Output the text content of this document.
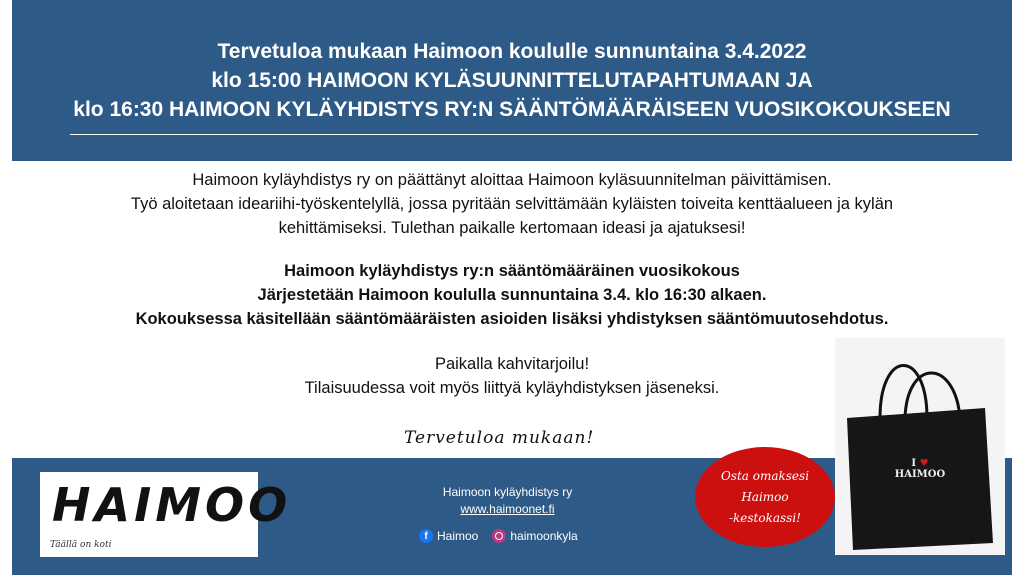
Tervetuloa mukaan Haimoon koululle sunnuntaina 3.4.2022
klo 15:00 HAIMOON KYLÄSUUNNITTELUTAPAHTUMAAN JA
klo 16:30 HAIMOON KYLÄYHDISTYS RY:N SÄÄNTÖMÄÄRÄISEEN VUOSIKOKOUKSEEN
Haimoon kyläyhdistys ry on päättänyt aloittaa Haimoon kyläsuunnitelman päivittämisen.
Työ aloitetaan ideariihi-työskentelyllä, jossa pyritään selvittämään kyläisten toiveita kenttäalueen ja kylän
kehittämiseksi. Tulethan paikalle kertomaan ideasi ja ajatuksesi!
Haimoon kyläyhdistys ry:n sääntömääräinen vuosikokous
Järjestetään Haimoon koululla sunnuntaina 3.4. klo 16:30 alkaen.
Kokouksessa käsitellään sääntömääräisten asioiden lisäksi yhdistyksen sääntömuutosehdotus.
Paikalla kahvitarjoilu!
Tilaisuudessa voit myös liittyä kyläyhdistyksen jäseneksi.
Tervetuloa mukaan!
HAIMOO
Täällä on koti
Haimoon kyläyhdistys ry
www.haimoonet.fi
f Haimoo	haimoonkyla
I ♥
HAIMOO
Osta omaksesi
Haimoo
-kestokassi!
